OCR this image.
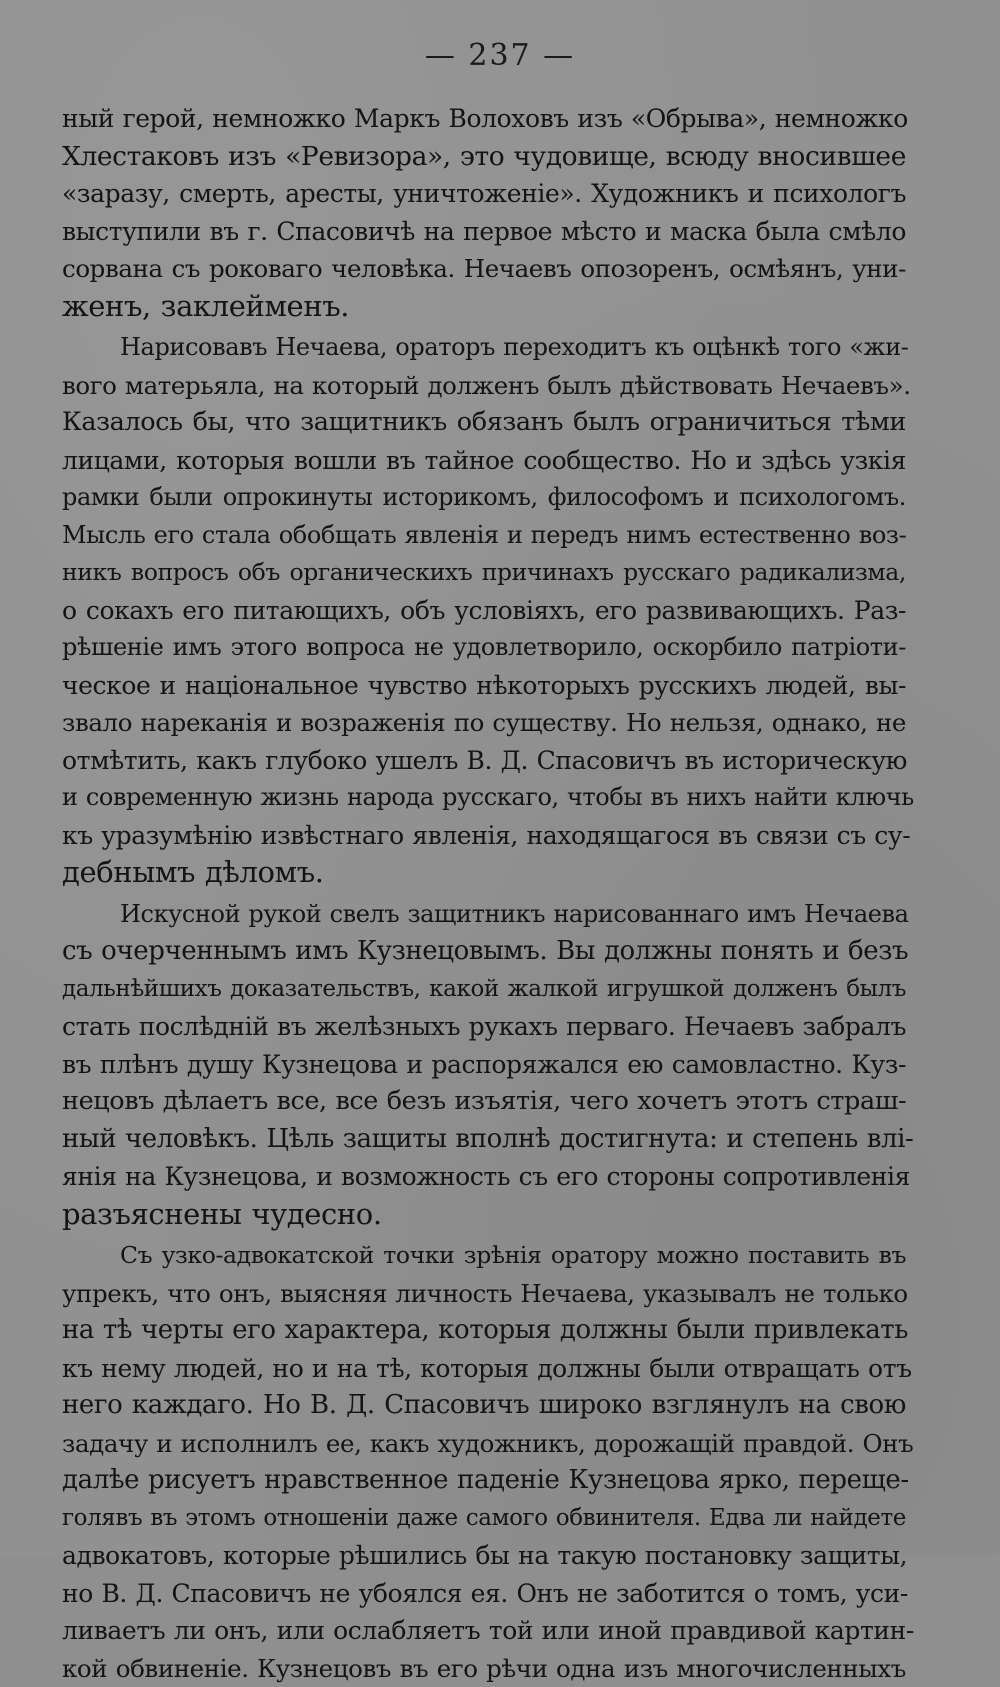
— 237 —
ный герой, немножко Маркъ Волоховъ изъ «Обрыва», немножко
Хлестаковъ изъ «Ревизора», это чудовище, всюду вносившее
«заразу, смерть, аресты, уничтоженіе». Художникъ и психологъ
выступили въ г. Спасовичѣ на первое мѣсто и маска была смѣло
сорвана съ роковаго человѣка. Нечаевъ опозоренъ, осмѣянъ, уни-
женъ, заклейменъ.
Нарисовавъ Нечаева, ораторъ переходитъ къ оцѣнкѣ того «жи-
вого матерьяла, на который долженъ былъ дѣйствовать Нечаевъ».
Казалось бы, что защитникъ обязанъ былъ ограничиться тѣми
лицами, которыя вошли въ тайное сообщество. Но и здѣсь узкія
рамки были опрокинуты историкомъ, философомъ и психологомъ.
Мысль его стала обобщать явленія и передъ нимъ естественно воз-
никъ вопросъ объ органическихъ причинахъ русскаго радикализма,
о сокахъ его питающихъ, объ условіяхъ, его развивающихъ. Раз-
рѣшеніе имъ этого вопроса не удовлетворило, оскорбило патріоти-
ческое и національное чувство нѣкоторыхъ русскихъ людей, вы-
звало нареканія и возраженія по существу. Но нельзя, однако, не
отмѣтить, какъ глубоко ушелъ В. Д. Спасовичъ въ историческую
и современную жизнь народа русскаго, чтобы въ нихъ найти ключь
къ уразумѣнію извѣстнаго явленія, находящагося въ связи съ су-
дебнымъ дѣломъ.
Искусной рукой свелъ защитникъ нарисованнаго имъ Нечаева
съ очерченнымъ имъ Кузнецовымъ. Вы должны понять и безъ
дальнѣйшихъ доказательствъ, какой жалкой игрушкой долженъ былъ
стать послѣдній въ желѣзныхъ рукахъ перваго. Нечаевъ забралъ
въ плѣнъ душу Кузнецова и распоряжался ею самовластно. Куз-
нецовъ дѣлаетъ все, все безъ изъятія, чего хочетъ этотъ страш-
ный человѣкъ. Цѣль защиты вполнѣ достигнута: и степень влі-
янія на Кузнецова, и возможность съ его стороны сопротивленія
разъяснены чудесно.
Съ узко-адвокатской точки зрѣнія оратору можно поставить въ
упрекъ, что онъ, выясняя личность Нечаева, указывалъ не только
на тѣ черты его характера, которыя должны были привлекать
къ нему людей, но и на тѣ, которыя должны были отвращать отъ
него каждаго. Но В. Д. Спасовичъ широко взглянулъ на свою
задачу и исполнилъ ее, какъ художникъ, дорожащій правдой. Онъ
далѣе рисуетъ нравственное паденіе Кузнецова ярко, перещe-
голявъ въ этомъ отношеніи даже самого обвинителя. Едва ли найдете
адвокатовъ, которые рѣшились бы на такую постановку защиты,
но В. Д. Спасовичъ не убоялся ея. Онъ не заботится о томъ, уси-
ливаетъ ли онъ, или ослабляетъ той или иной правдивой картин-
кой обвиненіе. Кузнецовъ въ его рѣчи одна изъ многочисленныхъ
